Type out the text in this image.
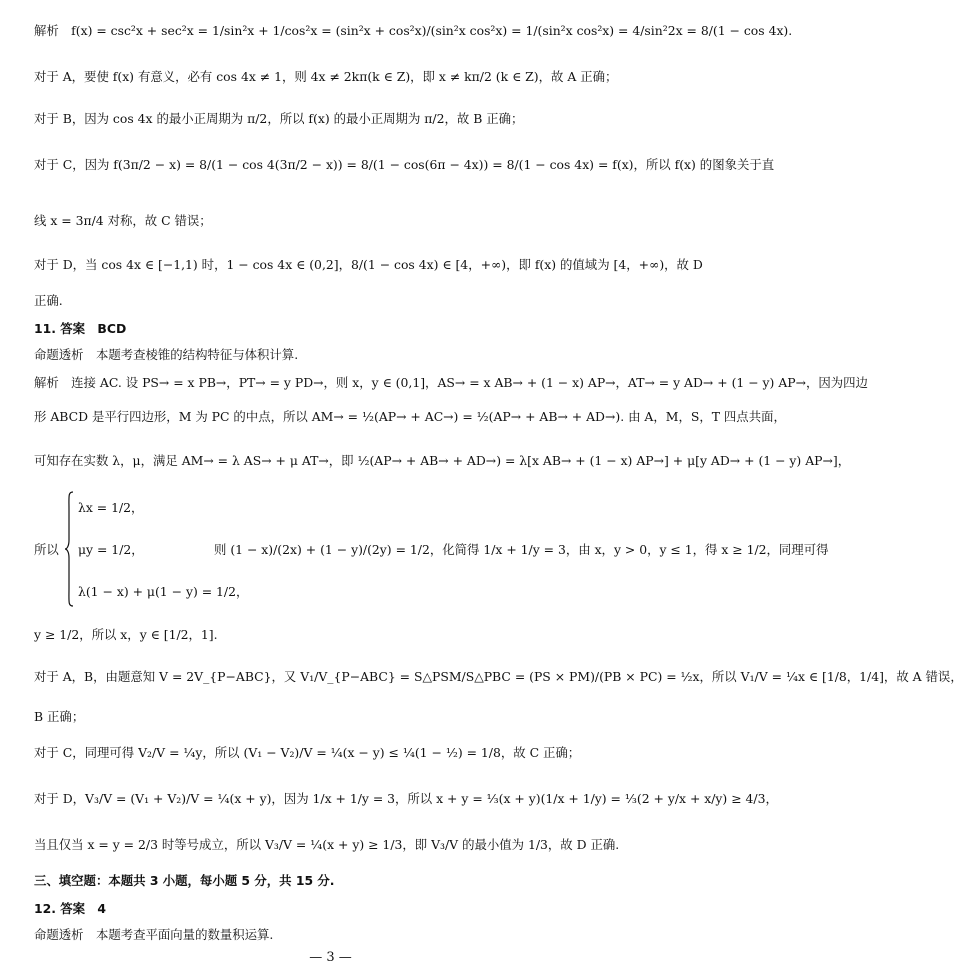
解析　f(x) = csc²x + sec²x = 1/sin²x + 1/cos²x = (sin²x + cos²x)/(sin²x cos²x) = 1/(sin²x cos²x) = 4/sin²2x = 8/(1 − cos 4x).
对于 A，要使 f(x) 有意义，必有 cos 4x ≠ 1，则 4x ≠ 2kπ(k ∈ Z)，即 x ≠ kπ/2 (k ∈ Z)，故 A 正确；
对于 B，因为 cos 4x 的最小正周期为 π/2，所以 f(x) 的最小正周期为 π/2，故 B 正确；
对于 C，因为 f(3π/2 − x) = 8/(1 − cos 4(3π/2 − x)) = 8/(1 − cos(6π − 4x)) = 8/(1 − cos 4x) = f(x)，所以 f(x) 的图象关于直
线 x = 3π/4 对称，故 C 错误；
对于 D，当 cos 4x ∈ [−1,1) 时，1 − cos 4x ∈ (0,2]，8/(1 − cos 4x) ∈ [4，+∞)，即 f(x) 的值域为 [4，+∞)，故 D
正确.
11. 答案　BCD
命题透析　本题考查棱锥的结构特征与体积计算.
解析　连接 AC. 设 PS→ = x PB→，PT→ = y PD→，则 x，y ∈ (0,1]，AS→ = x AB→ + (1 − x) AP→，AT→ = y AD→ + (1 − y) AP→，因为四边
形 ABCD 是平行四边形，M 为 PC 的中点，所以 AM→ = ½(AP→ + AC→) = ½(AP→ + AB→ + AD→). 由 A，M，S，T 四点共面，
可知存在实数 λ，μ，满足 AM→ = λ AS→ + μ AT→，即 ½(AP→ + AB→ + AD→) = λ[x AB→ + (1 − x) AP→] + μ[y AD→ + (1 − y) AP→]，
所以
λx = 1/2，
μy = 1/2，
λ(1 − x) + μ(1 − y) = 1/2，
则 (1 − x)/(2x) + (1 − y)/(2y) = 1/2，化简得 1/x + 1/y = 3，由 x，y > 0，y ≤ 1，得 x ≥ 1/2，同理可得
y ≥ 1/2，所以 x，y ∈ [1/2，1].
对于 A，B，由题意知 V = 2V_{P−ABC}，又 V₁/V_{P−ABC} = S△PSM/S△PBC = (PS × PM)/(PB × PC) = ½x，所以 V₁/V = ¼x ∈ [1/8，1/4]，故 A 错误，
B 正确；
对于 C，同理可得 V₂/V = ¼y，所以 (V₁ − V₂)/V = ¼(x − y) ≤ ¼(1 − ½) = 1/8，故 C 正确；
对于 D，V₃/V = (V₁ + V₂)/V = ¼(x + y)，因为 1/x + 1/y = 3，所以 x + y = ⅓(x + y)(1/x + 1/y) = ⅓(2 + y/x + x/y) ≥ 4/3，
当且仅当 x = y = 2/3 时等号成立，所以 V₃/V = ¼(x + y) ≥ 1/3，即 V₃/V 的最小值为 1/3，故 D 正确.
三、填空题：本题共 3 小题，每小题 5 分，共 15 分.
12. 答案　4
命题透析　本题考查平面向量的数量积运算.
— 3 —
